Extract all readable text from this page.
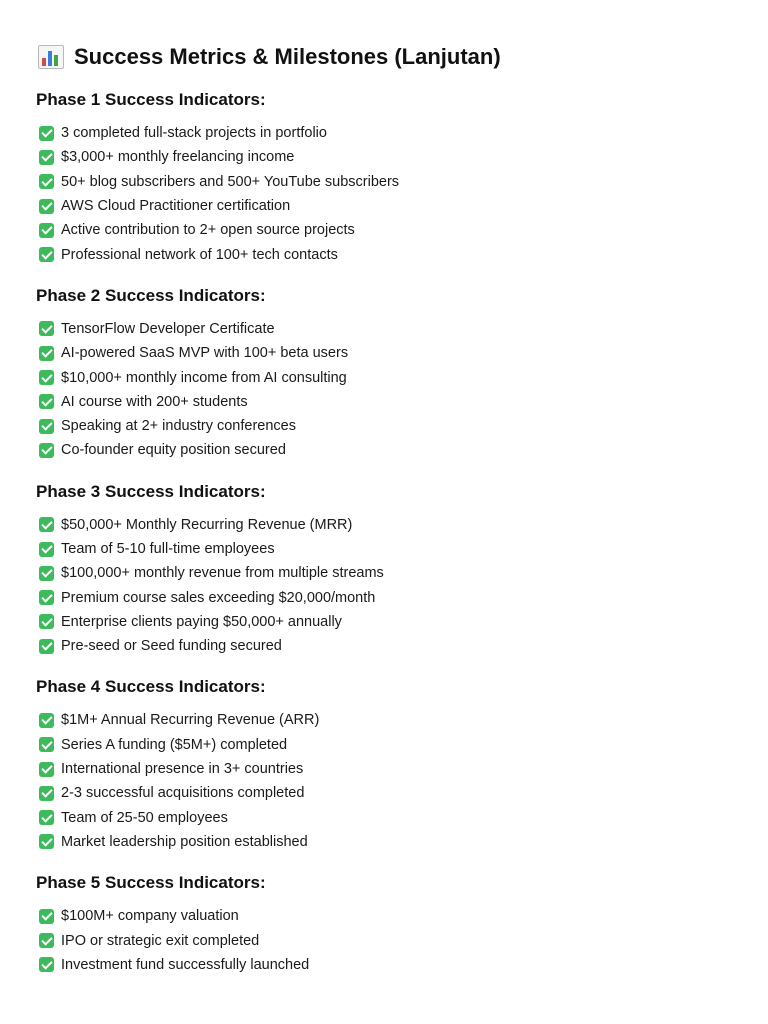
Success Metrics & Milestones (Lanjutan)
Phase 1 Success Indicators:
3 completed full-stack projects in portfolio
$3,000+ monthly freelancing income
50+ blog subscribers and 500+ YouTube subscribers
AWS Cloud Practitioner certification
Active contribution to 2+ open source projects
Professional network of 100+ tech contacts
Phase 2 Success Indicators:
TensorFlow Developer Certificate
AI-powered SaaS MVP with 100+ beta users
$10,000+ monthly income from AI consulting
AI course with 200+ students
Speaking at 2+ industry conferences
Co-founder equity position secured
Phase 3 Success Indicators:
$50,000+ Monthly Recurring Revenue (MRR)
Team of 5-10 full-time employees
$100,000+ monthly revenue from multiple streams
Premium course sales exceeding $20,000/month
Enterprise clients paying $50,000+ annually
Pre-seed or Seed funding secured
Phase 4 Success Indicators:
$1M+ Annual Recurring Revenue (ARR)
Series A funding ($5M+) completed
International presence in 3+ countries
2-3 successful acquisitions completed
Team of 25-50 employees
Market leadership position established
Phase 5 Success Indicators:
$100M+ company valuation
IPO or strategic exit completed
Investment fund successfully launched
